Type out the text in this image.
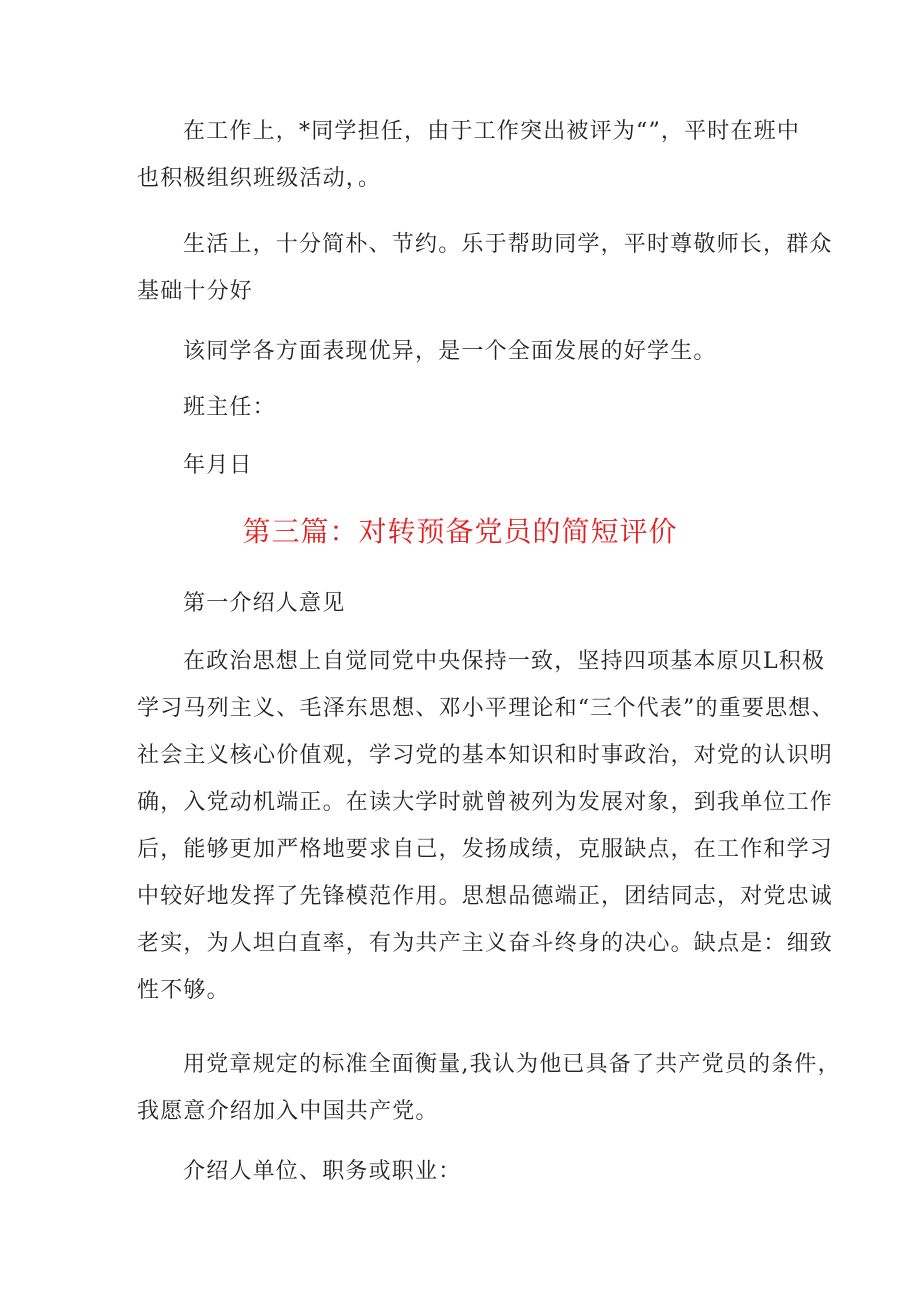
在工作上，*同学担任，由于工作突出被评为“”，平时在班中
也积极组织班级活动，。

生活上，十分简朴、节约。乐于帮助同学，平时尊敬师长，群众
基础十分好

该同学各方面表现优异，是一个全面发展的好学生。

班主任：

年月日

第三篇：对转预备党员的简短评价

第一介绍人意见

在政治思想上自觉同党中央保持一致，坚持四项基本原贝L积极
学习马列主义、毛泽东思想、邓小平理论和“三个代表”的重要思想、
社会主义核心价值观，学习党的基本知识和时事政治，对党的认识明
确，入党动机端正。在读大学时就曾被列为发展对象，到我单位工作
后，能够更加严格地要求自己，发扬成绩，克服缺点，在工作和学习
中较好地发挥了先锋模范作用。思想品德端正，团结同志，对党忠诚
老实，为人坦白直率，有为共产主义奋斗终身的决心。缺点是：细致
性不够。

用党章规定的标准全面衡量,我认为他已具备了共产党员的条件，
我愿意介绍加入中国共产党。

介绍人单位、职务或职业：
